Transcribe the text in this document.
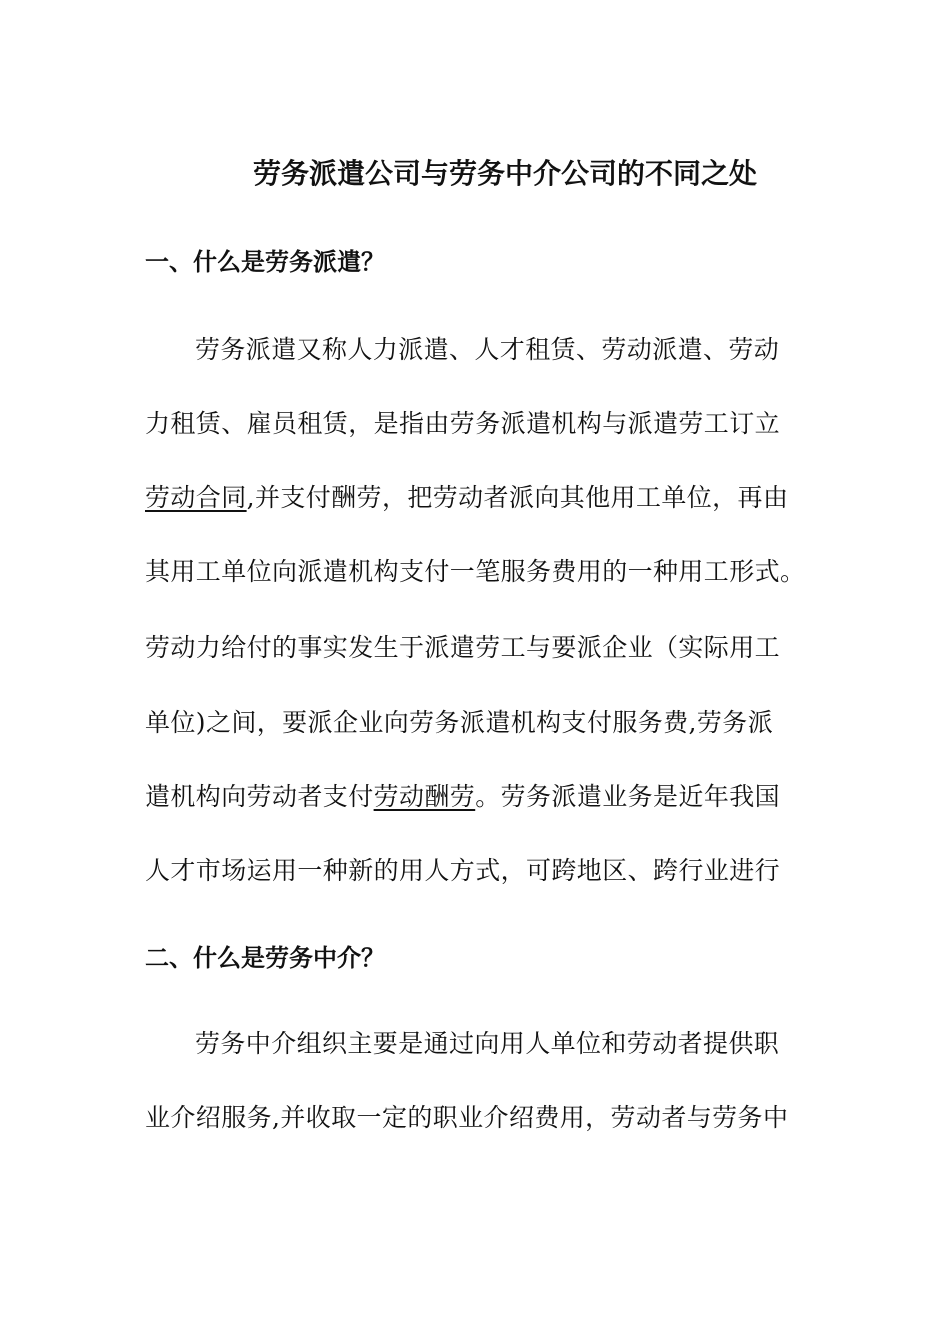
劳务派遣公司与劳务中介公司的不同之处
一、什么是劳务派遣？
劳务派遣又称人力派遣、人才租赁、劳动派遣、劳动
力租赁、雇员租赁，是指由劳务派遣机构与派遣劳工订立
劳动合同,并支付酬劳，把劳动者派向其他用工单位，再由
其用工单位向派遣机构支付一笔服务费用的一种用工形式。
劳动力给付的事实发生于派遣劳工与要派企业（实际用工
单位)之间，要派企业向劳务派遣机构支付服务费,劳务派
遣机构向劳动者支付劳动酬劳。劳务派遣业务是近年我国
人才市场运用一种新的用人方式，可跨地区、跨行业进行
二、什么是劳务中介？
劳务中介组织主要是通过向用人单位和劳动者提供职
业介绍服务,并收取一定的职业介绍费用，劳动者与劳务中
